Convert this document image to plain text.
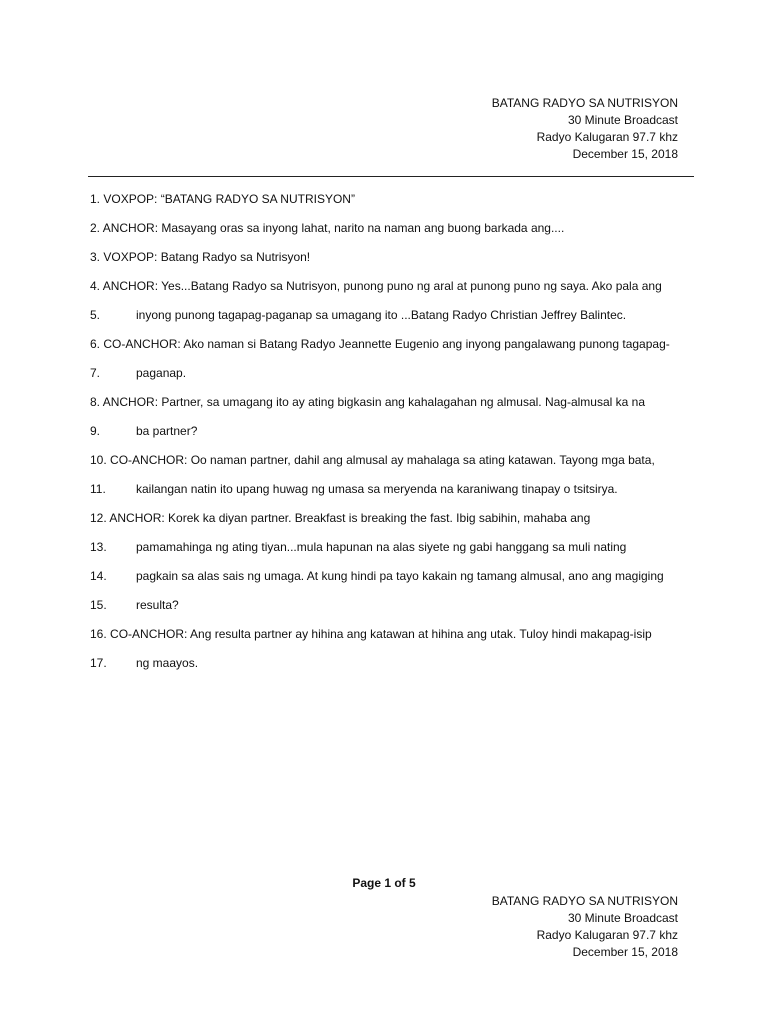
BATANG RADYO SA NUTRISYON
30 Minute Broadcast
Radyo Kalugaran 97.7 khz
December 15, 2018
1. VOXPOP: “BATANG RADYO SA NUTRISYON”
2. ANCHOR: Masayang oras sa inyong lahat, narito na naman ang buong barkada ang....
3. VOXPOP: Batang Radyo sa Nutrisyon!
4. ANCHOR: Yes...Batang Radyo sa Nutrisyon, punong puno ng aral at punong puno ng saya. Ako pala ang
5.	inyong punong tagapag-paganap sa umagang ito ...Batang Radyo Christian Jeffrey Balintec.
6. CO-ANCHOR: Ako naman si Batang Radyo Jeannette Eugenio ang inyong pangalawang punong tagapag-
7.	paganap.
8. ANCHOR: Partner, sa umagang ito ay ating bigkasin ang kahalagahan ng almusal. Nag-almusal ka na
9.	ba partner?
10. CO-ANCHOR: Oo naman partner, dahil ang almusal ay mahalaga sa ating katawan. Tayong mga bata,
11.	kailangan natin ito upang huwag ng umasa sa meryenda na karaniwang tinapay o tsitsirya.
12. ANCHOR: Korek ka diyan partner. Breakfast is breaking the fast. Ibig sabihin, mahaba ang
13.	pamamahinga ng ating tiyan...mula hapunan na alas siyete ng gabi hanggang sa muli nating
14.	pagkain sa alas sais ng umaga. At kung hindi pa tayo kakain ng tamang almusal, ano ang magiging
15.	resulta?
16. CO-ANCHOR: Ang resulta partner ay hihina ang katawan at hihina ang utak. Tuloy hindi makapag-isip
17.	ng maayos.
Page 1 of 5
BATANG RADYO SA NUTRISYON
30 Minute Broadcast
Radyo Kalugaran 97.7 khz
December 15, 2018
